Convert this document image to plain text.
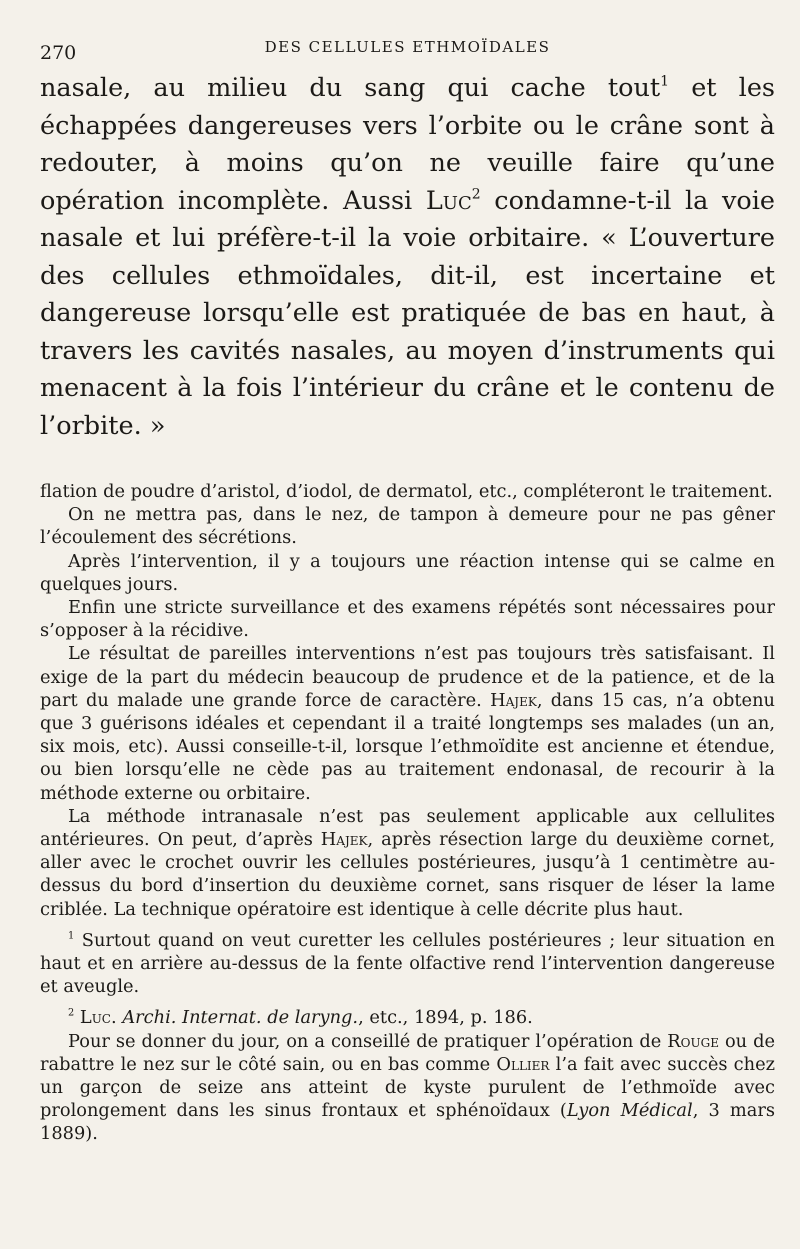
270	DES CELLULES ETHMOÏDALES

nasale, au milieu du sang qui cache tout$^1$ et les échappées dangereuses vers l’orbite ou le crâne sont à redouter, à moins qu’on ne veuille faire qu’une opération incomplète. Aussi Luc$^2$ condamne-t-il la voie nasale et lui préfère-t-il la voie orbitaire. « L’ouverture des cellules ethmoïdales, dit-il, est incertaine et dangereuse lorsqu’elle est pratiquée de bas en haut, à travers les cavités nasales, au moyen d’instruments qui menacent à la fois l’intérieur du crâne et le contenu de l’orbite. »

flation de poudre d’aristol, d’iodol, de dermatol, etc., compléteront le traitement.

On ne mettra pas, dans le nez, de tampon à demeure pour ne pas gêner l’écoulement des sécrétions.

Après l’intervention, il y a toujours une réaction intense qui se calme en quelques jours.

Enfin une stricte surveillance et des examens répétés sont nécessaires pour s’opposer à la récidive.

Le résultat de pareilles interventions n’est pas toujours très satisfaisant. Il exige de la part du médecin beaucoup de prudence et de la patience, et de la part du malade une grande force de caractère. Hajek, dans 15 cas, n’a obtenu que 3 guérisons idéales et cependant il a traité longtemps ses malades (un an, six mois, etc). Aussi conseille-t-il, lorsque l’ethmoïdite est ancienne et étendue, ou bien lorsqu’elle ne cède pas au traitement endonasal, de recourir à la méthode externe ou orbitaire.

La méthode intranasale n’est pas seulement applicable aux cellulites antérieures. On peut, d’après Hajek, après résection large du deuxième cornet, aller avec le crochet ouvrir les cellules postérieures, jusqu’à 1 centimètre au-dessus du bord d’insertion du deuxième cornet, sans risquer de léser la lame criblée. La technique opératoire est identique à celle décrite plus haut.

$^1$ Surtout quand on veut curetter les cellules postérieures ; leur situation en haut et en arrière au-dessus de la fente olfactive rend l’intervention dangereuse et aveugle.

$^2$ Luc. Archi. Internat. de laryng., etc., 1894, p. 186.

Pour se donner du jour, on a conseillé de pratiquer l’opération de Rouge ou de rabattre le nez sur le côté sain, ou en bas comme Ollier l’a fait avec succès chez un garçon de seize ans atteint de kyste purulent de l’ethmoïde avec prolongement dans les sinus frontaux et sphénoïdaux (Lyon Médical, 3 mars 1889).
